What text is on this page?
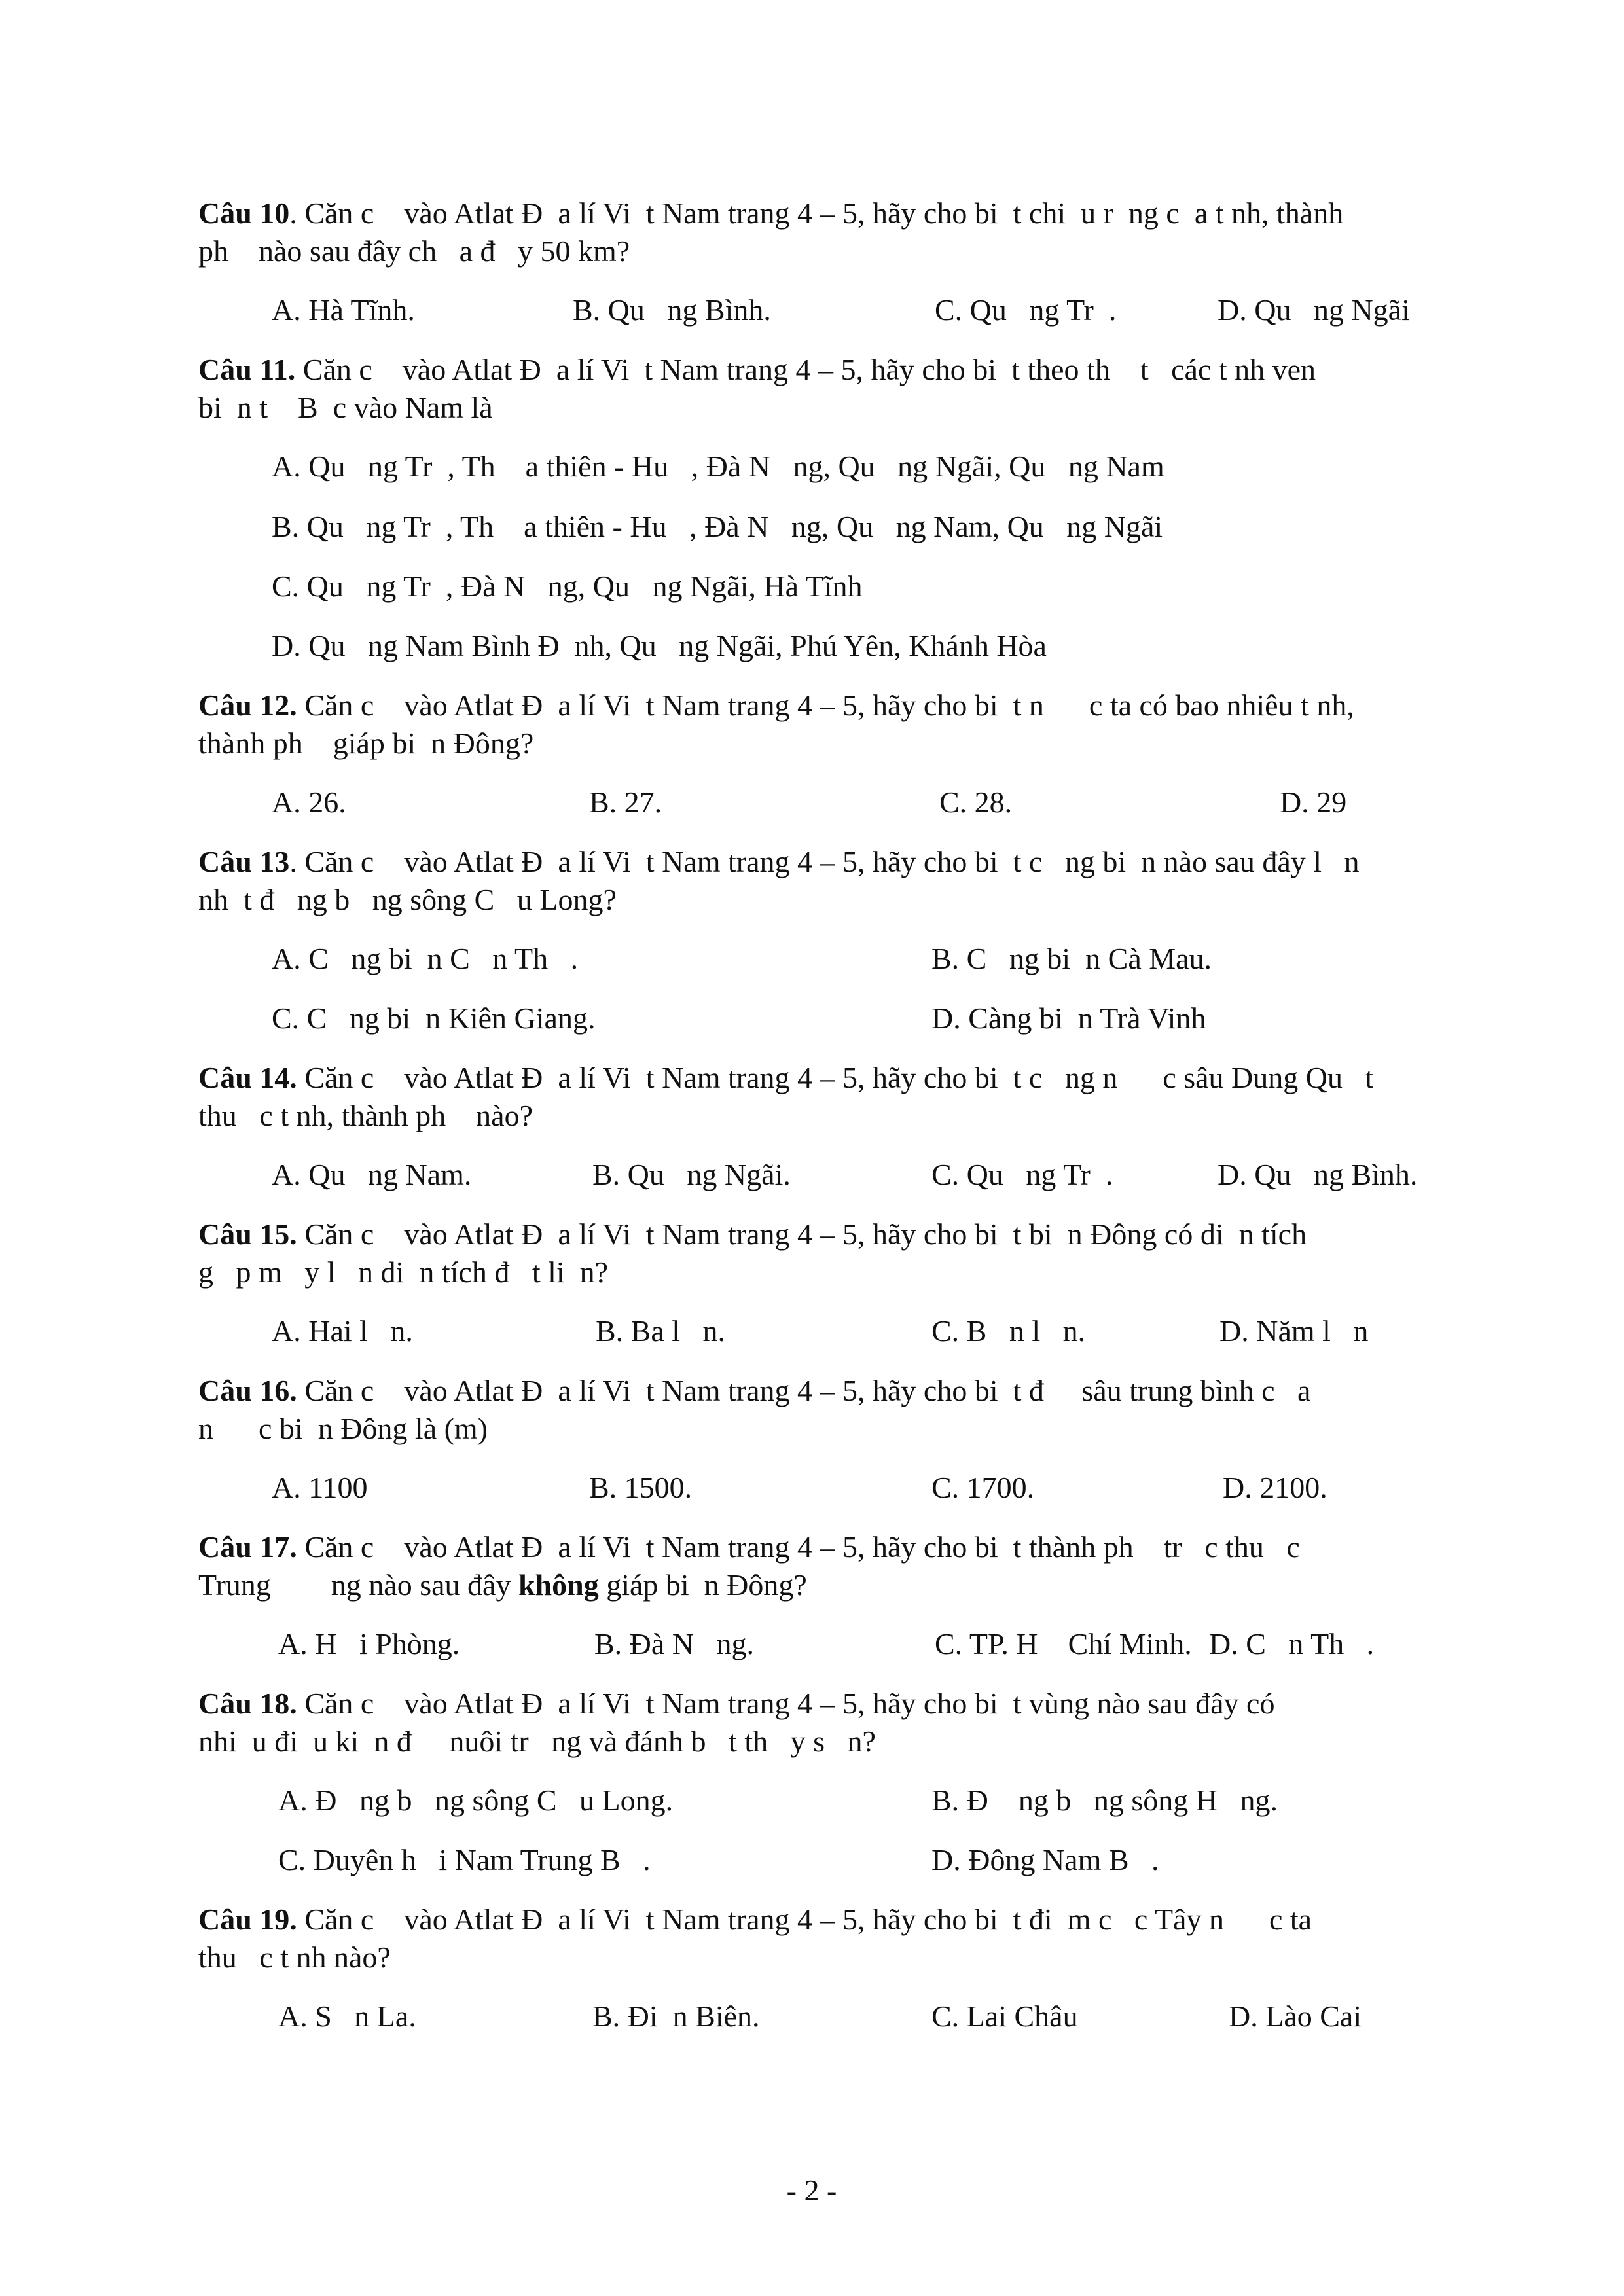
Câu 10. Căn c    vào Atlat Đ  a lí Vi  t Nam trang 4 – 5, hãy cho bi  t chi  u r  ng c  a t nh, thành
ph    nào sau đây ch   a đ   y 50 km?
A. Hà Tĩnh.	B. Qu   ng Bình.	C. Qu   ng Tr  .	D. Qu   ng Ngãi
Câu 11. Căn c    vào Atlat Đ  a lí Vi  t Nam trang 4 – 5, hãy cho bi  t theo th    t   các t nh ven
bi  n t    B  c vào Nam là
A. Qu   ng Tr  , Th    a thiên - Hu   , Đà N   ng, Qu   ng Ngãi, Qu   ng Nam
B. Qu   ng Tr  , Th    a thiên - Hu   , Đà N   ng, Qu   ng Nam, Qu   ng Ngãi
C. Qu   ng Tr  , Đà N   ng, Qu   ng Ngãi, Hà Tĩnh
D. Qu   ng Nam Bình Đ  nh, Qu   ng Ngãi, Phú Yên, Khánh Hòa
Câu 12. Căn c    vào Atlat Đ  a lí Vi  t Nam trang 4 – 5, hãy cho bi  t n      c ta có bao nhiêu t nh,
thành ph    giáp bi  n Đông?
A. 26.	B. 27.	C. 28.	D. 29
Câu 13. Căn c    vào Atlat Đ  a lí Vi  t Nam trang 4 – 5, hãy cho bi  t c   ng bi  n nào sau đây l   n
nh  t đ   ng b   ng sông C   u Long?
A. C   ng bi  n C   n Th   .	B. C   ng bi  n Cà Mau.
C. C   ng bi  n Kiên Giang.	D. Càng bi  n Trà Vinh
Câu 14. Căn c    vào Atlat Đ  a lí Vi  t Nam trang 4 – 5, hãy cho bi  t c   ng n      c sâu Dung Qu   t
thu   c t nh, thành ph    nào?
A. Qu   ng Nam.	B. Qu   ng Ngãi.	C. Qu   ng Tr  .	D. Qu   ng Bình.
Câu 15. Căn c    vào Atlat Đ  a lí Vi  t Nam trang 4 – 5, hãy cho bi  t bi  n Đông có di  n tích
g   p m   y l   n di  n tích đ   t li  n?
A. Hai l   n.	B. Ba l   n.	C. B   n l   n.	D. Năm l   n
Câu 16. Căn c    vào Atlat Đ  a lí Vi  t Nam trang 4 – 5, hãy cho bi  t đ     sâu trung bình c   a
n      c bi  n Đông là (m)
A. 1100	B. 1500.	C. 1700.	D. 2100.
Câu 17. Căn c    vào Atlat Đ  a lí Vi  t Nam trang 4 – 5, hãy cho bi  t thành ph    tr   c thu   c
Trung        ng nào sau đây không giáp bi  n Đông?
A. H   i Phòng.	B. Đà N   ng.	C. TP. H    Chí Minh. D. C   n Th   .
Câu 18. Căn c    vào Atlat Đ  a lí Vi  t Nam trang 4 – 5, hãy cho bi  t vùng nào sau đây có
nhi  u đi  u ki  n đ     nuôi tr   ng và đánh b   t th   y s   n?
A. Đ   ng b   ng sông C   u Long.	B. Đ    ng b   ng sông H   ng.
C. Duyên h   i Nam Trung B   .	D. Đông Nam B   .
Câu 19. Căn c    vào Atlat Đ  a lí Vi  t Nam trang 4 – 5, hãy cho bi  t đi  m c   c Tây n      c ta
thu   c t nh nào?
A. S   n La.	B. Đi  n Biên.	C. Lai Châu	D. Lào Cai
- 2 -
